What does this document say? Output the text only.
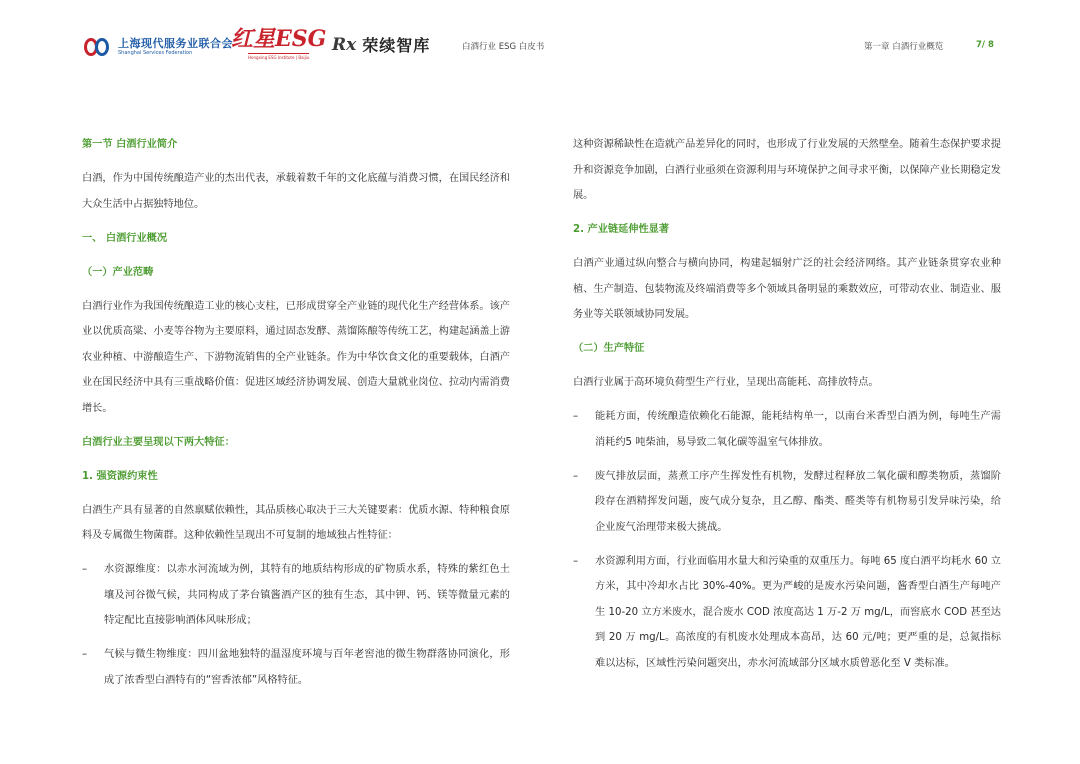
上海现代服务业联合会
Shanghai Services Federation
红星ESG
Hongxing ESG Institute | Baijiu
Rx 荣续智库	白酒行业 ESG 白皮书	第一章 白酒行业概览	7/ 8

第一节 白酒行业简介

白酒，作为中国传统酿造产业的杰出代表，承载着数千年的文化底蕴与消费习惯，在国民经济和大众生活中占据独特地位。

一、 白酒行业概况

（一）产业范畴

白酒行业作为我国传统酿造工业的核心支柱，已形成贯穿全产业链的现代化生产经营体系。该产业以优质高粱、小麦等谷物为主要原料，通过固态发酵、蒸馏陈酿等传统工艺，构建起涵盖上游农业种植、中游酿造生产、下游物流销售的全产业链条。作为中华饮食文化的重要载体，白酒产业在国民经济中具有三重战略价值：促进区域经济协调发展、创造大量就业岗位、拉动内需消费增长。

白酒行业主要呈现以下两大特征：

1. 强资源约束性

白酒生产具有显著的自然禀赋依赖性，其品质核心取决于三大关键要素：优质水源、特种粮食原料及专属微生物菌群。这种依赖性呈现出不可复制的地域独占性特征：

– 水资源维度：以赤水河流域为例，其特有的地质结构形成的矿物质水系，特殊的紫红色土壤及河谷微气候，共同构成了茅台镇酱酒产区的独有生态，其中钾、钙、镁等微量元素的特定配比直接影响酒体风味形成；
– 气候与微生物维度：四川盆地独特的温湿度环境与百年老窖池的微生物群落协同演化，形成了浓香型白酒特有的“窖香浓郁”风格特征。

这种资源稀缺性在造就产品差异化的同时，也形成了行业发展的天然壁垒。随着生态保护要求提升和资源竞争加剧，白酒行业亟须在资源利用与环境保护之间寻求平衡，以保障产业长期稳定发展。

2. 产业链延伸性显著

白酒产业通过纵向整合与横向协同，构建起辐射广泛的社会经济网络。其产业链条贯穿农业种植、生产制造、包装物流及终端消费等多个领域具备明显的乘数效应，可带动农业、制造业、服务业等关联领域协同发展。

（二）生产特征

白酒行业属于高环境负荷型生产行业，呈现出高能耗、高排放特点。

– 能耗方面，传统酿造依赖化石能源，能耗结构单一，以南台米香型白酒为例，每吨生产需消耗约5 吨柴油，易导致二氧化碳等温室气体排放。
– 废气排放层面，蒸煮工序产生挥发性有机物，发酵过程释放二氧化碳和醇类物质，蒸馏阶段存在酒精挥发问题，废气成分复杂，且乙醇、酯类、醛类等有机物易引发异味污染，给企业废气治理带来极大挑战。
– 水资源利用方面，行业面临用水量大和污染重的双重压力。每吨 65 度白酒平均耗水 60 立方米，其中冷却水占比 30%-40%。更为严峻的是废水污染问题，酱香型白酒生产每吨产生 10-20 立方米废水，混合废水 COD 浓度高达 1 万-2 万 mg/L，而窖底水 COD 甚至达到 20 万 mg/L。高浓度的有机废水处理成本高昂，达 60 元/吨；更严重的是，总氮指标难以达标，区域性污染问题突出，赤水河流域部分区域水质曾恶化至 V 类标准。
